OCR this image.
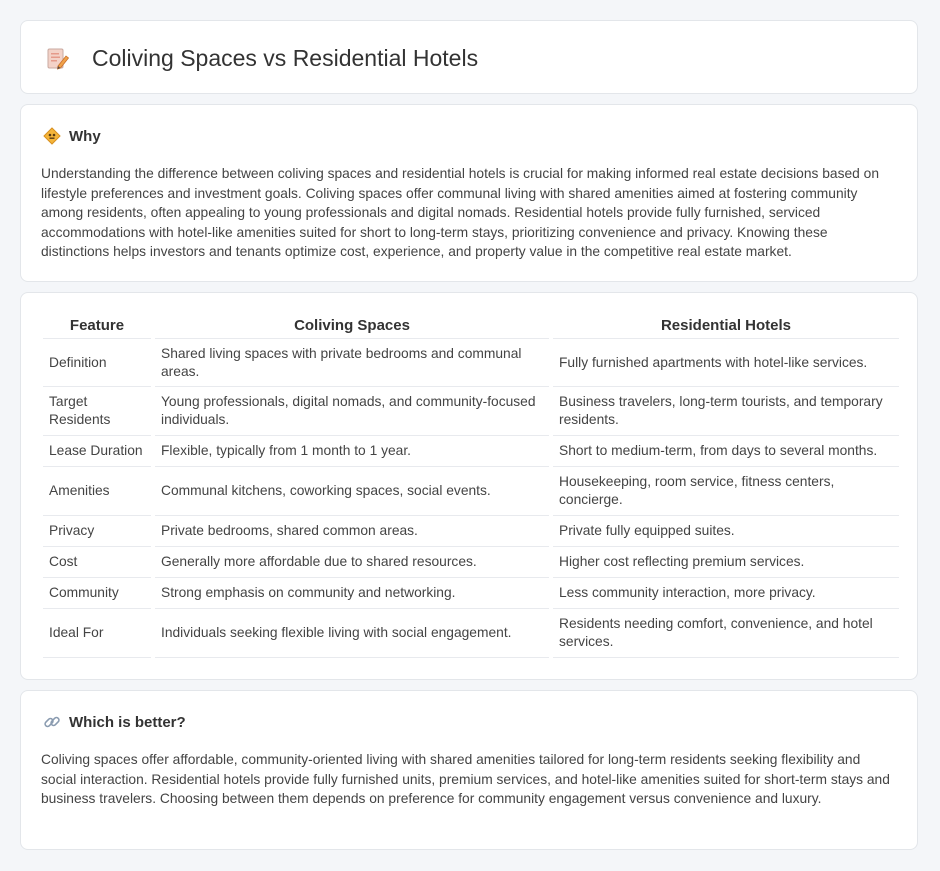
Coliving Spaces vs Residential Hotels
Why

Understanding the difference between coliving spaces and residential hotels is crucial for making informed real estate decisions based on lifestyle preferences and investment goals. Coliving spaces offer communal living with shared amenities aimed at fostering community among residents, often appealing to young professionals and digital nomads. Residential hotels provide fully furnished, serviced accommodations with hotel-like amenities suited for short to long-term stays, prioritizing convenience and privacy. Knowing these distinctions helps investors and tenants optimize cost, experience, and property value in the competitive real estate market.

Feature		Coliving Spaces		Residential Hotels
Definition		Shared living spaces with private bedrooms and communal areas.		Fully furnished apartments with hotel-like services.
Target Residents		Young professionals, digital nomads, and community-focused individuals.		Business travelers, long-term tourists, and temporary residents.
Lease Duration		Flexible, typically from 1 month to 1 year.		Short to medium-term, from days to several months.
Amenities		Communal kitchens, coworking spaces, social events.		Housekeeping, room service, fitness centers, concierge.
Privacy		Private bedrooms, shared common areas.		Private fully equipped suites.
Cost		Generally more affordable due to shared resources.		Higher cost reflecting premium services.
Community		Strong emphasis on community and networking.		Less community interaction, more privacy.
Ideal For		Individuals seeking flexible living with social engagement.		Residents needing comfort, convenience, and hotel services.
Which is better?

Coliving spaces offer affordable, community-oriented living with shared amenities tailored for long-term residents seeking flexibility and social interaction. Residential hotels provide fully furnished units, premium services, and hotel-like amenities suited for short-term stays and business travelers. Choosing between them depends on preference for community engagement versus convenience and luxury.
